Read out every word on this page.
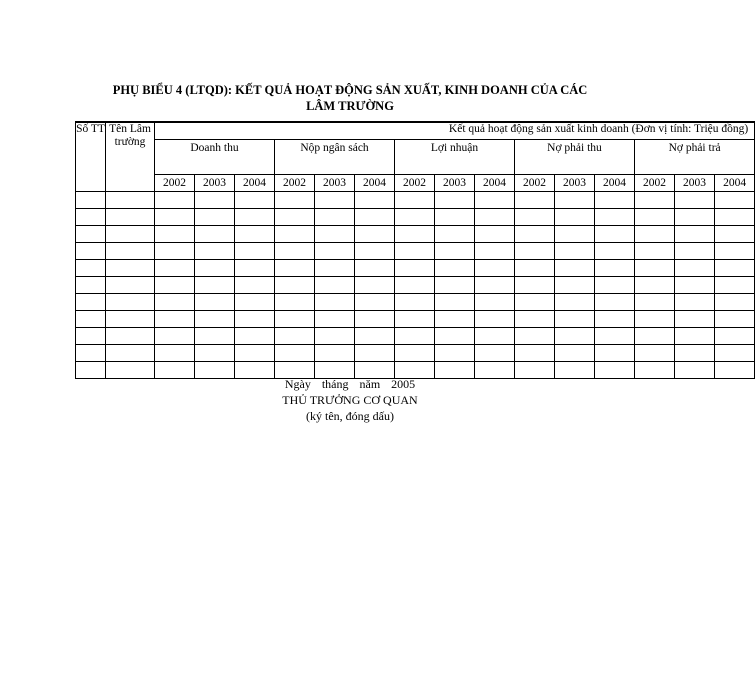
PHỤ BIỂU 4 (LTQD): KẾT QUẢ HOẠT ĐỘNG SẢN XUẤT, KINH DOANH CỦA CÁC
LÂM TRƯỜNG
Số TT	Tên Lâm trường	Kết quả hoạt động sản xuất kinh doanh (Đơn vị tính: Triệu đồng)														
		Doanh thu			Nộp ngân sách			Lợi nhuận			Nợ phải thu			Nợ phải trả		
		2002	2003	2004	2002	2003	2004	2002	2003	2004	2002	2003	2004	2002	2003	2004

Ngày tháng năm 2005
THỦ TRƯỞNG CƠ QUAN
(ký tên, đóng dấu)
